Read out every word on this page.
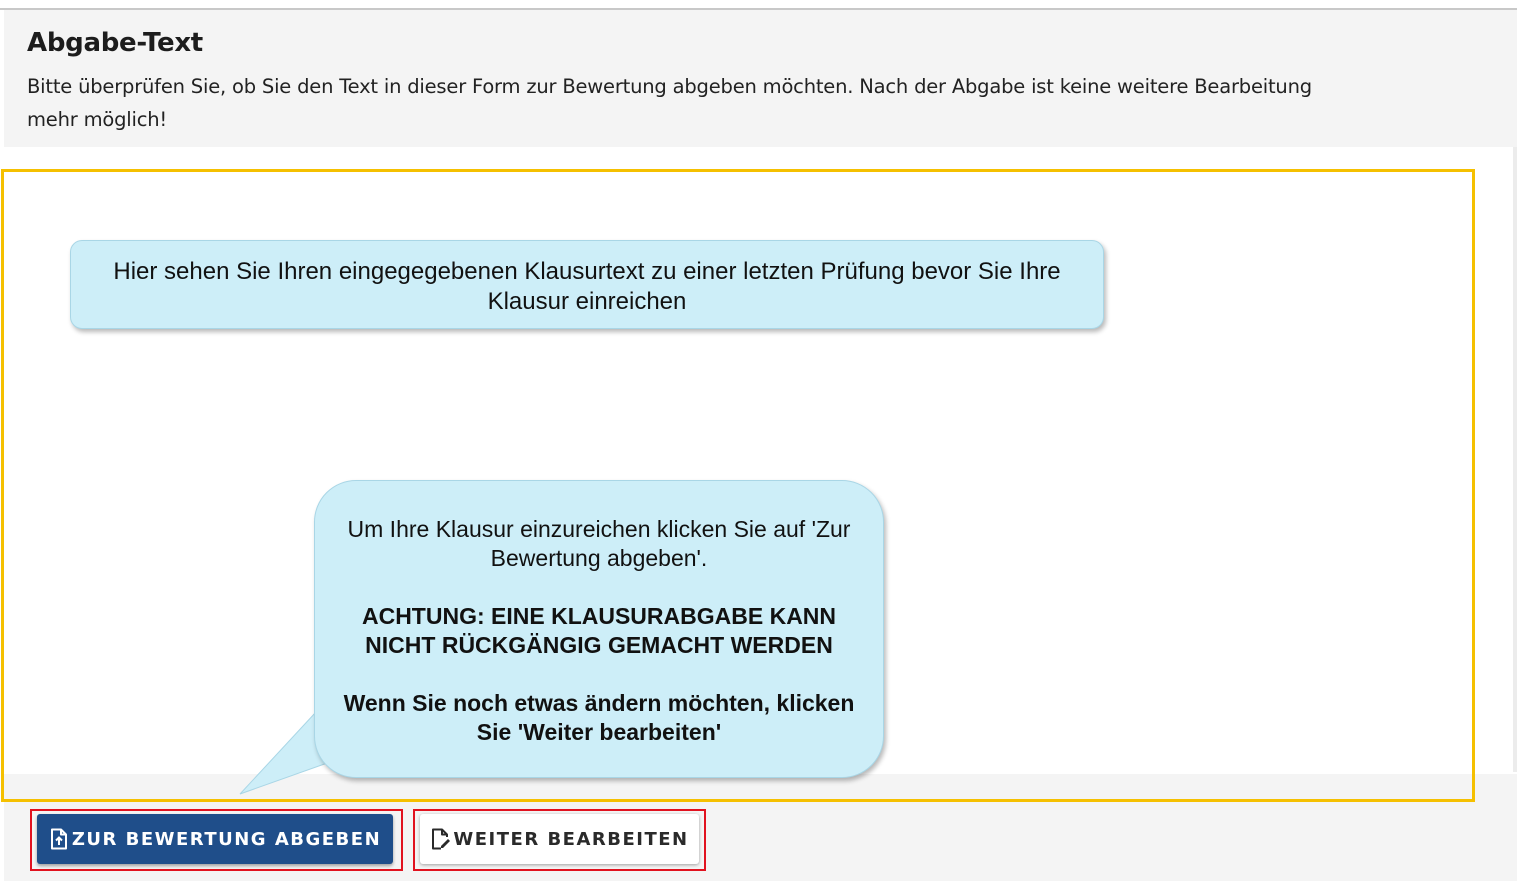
Abgabe-Text

Bitte überprüfen Sie, ob Sie den Text in dieser Form zur Bewertung abgeben möchten. Nach der Abgabe ist keine weitere Bearbeitung mehr möglich!

Hier sehen Sie Ihren eingegegebenen Klausurtext zu einer letzten Prüfung bevor Sie Ihre Klausur einreichen

Um Ihre Klausur einzureichen klicken Sie auf 'Zur Bewertung abgeben'.

ACHTUNG: EINE KLAUSURABGABE KANN NICHT RÜCKGÄNGIG GEMACHT WERDEN

Wenn Sie noch etwas ändern möchten, klicken Sie 'Weiter bearbeiten'

ZUR BEWERTUNG ABGEBEN	WEITER BEARBEITEN
